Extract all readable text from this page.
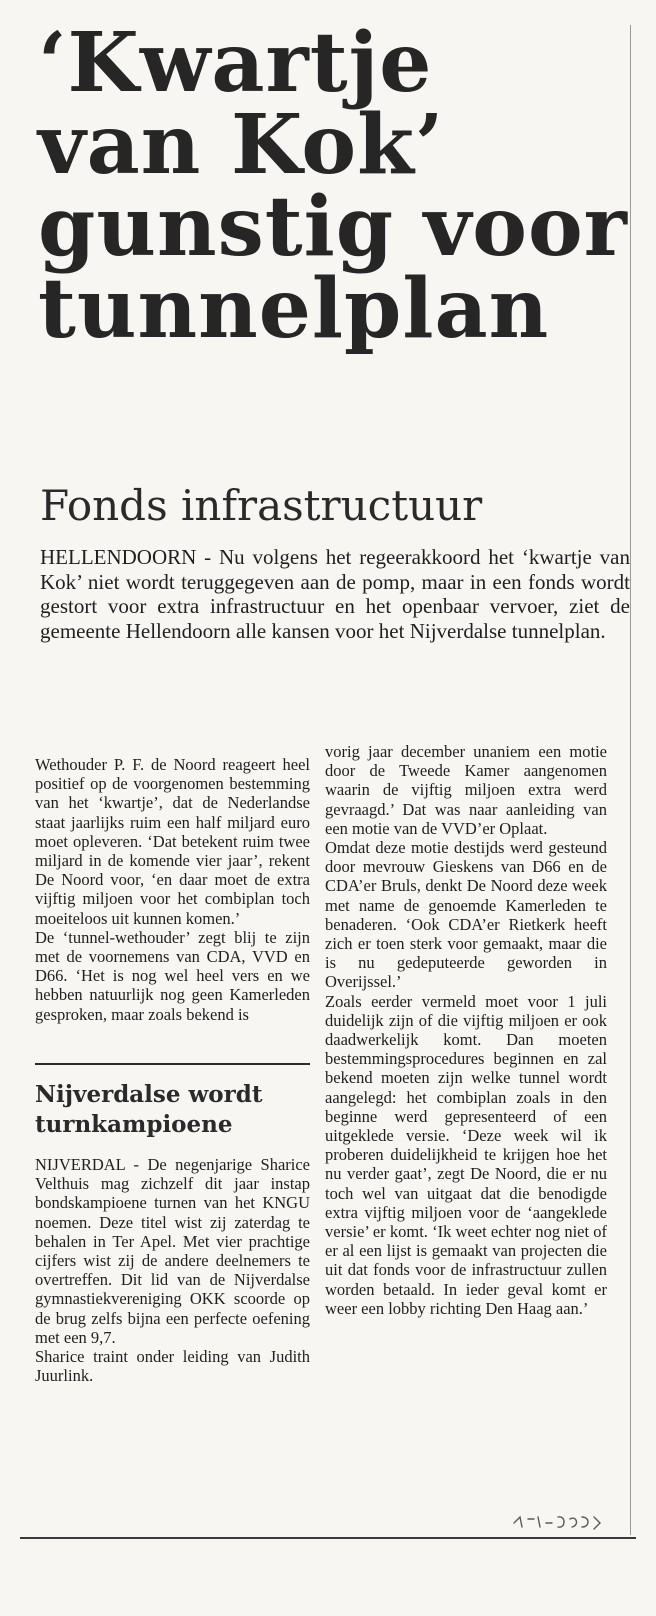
‘Kwartje
van Kok’
gunstig voor
tunnelplan
Fonds infrastructuur
HELLENDOORN - Nu volgens het regeerakkoord het ‘kwartje van Kok’ niet wordt teruggegeven aan de pomp, maar in een fonds wordt gestort voor extra infrastructuur en het openbaar vervoer, ziet de gemeente Hellendoorn alle kansen voor het Nijverdalse tunnelplan.

Wethouder P. F. de Noord reageert heel positief op de voorgenomen bestemming van het ‘kwartje’, dat de Nederlandse staat jaarlijks ruim een half miljard euro moet opleveren. ‘Dat betekent ruim twee miljard in de komende vier jaar’, rekent De Noord voor, ‘en daar moet de extra vijftig miljoen voor het combiplan toch moeiteloos uit kunnen komen.’

De ‘tunnel-wethouder’ zegt blij te zijn met de voornemens van CDA, VVD en D66. ‘Het is nog wel heel vers en we hebben natuurlijk nog geen Kamerleden gesproken, maar zoals bekend is

Nijverdalse wordt turnkampioene

NIJVERDAL - De negenjarige Sharice Velthuis mag zichzelf dit jaar instap bondskampioene turnen van het KNGU noemen. Deze titel wist zij zaterdag te behalen in Ter Apel. Met vier prachtige cijfers wist zij de andere deelnemers te overtreffen. Dit lid van de Nijverdalse gymnastiekvereniging OKK scoorde op de brug zelfs bijna een perfecte oefening met een 9,7.

Sharice traint onder leiding van Judith Juurlink.

vorig jaar december unaniem een motie door de Tweede Kamer aangenomen waarin de vijftig miljoen extra werd gevraagd.’ Dat was naar aanleiding van een motie van de VVD’er Oplaat.

Omdat deze motie destijds werd gesteund door mevrouw Gieskens van D66 en de CDA’er Bruls, denkt De Noord deze week met name de genoemde Kamerleden te benaderen. ‘Ook CDA’er Rietkerk heeft zich er toen sterk voor gemaakt, maar die is nu gedeputeerde geworden in Overijssel.’

Zoals eerder vermeld moet voor 1 juli duidelijk zijn of die vijftig miljoen er ook daadwerkelijk komt. Dan moeten bestemmingsprocedures beginnen en zal bekend moeten zijn welke tunnel wordt aangelegd: het combiplan zoals in den beginne werd gepresenteerd of een uitgeklede versie. ‘Deze week wil ik proberen duidelijkheid te krijgen hoe het nu verder gaat’, zegt De Noord, die er nu toch wel van uitgaat dat die benodigde extra vijftig miljoen voor de ‘aangeklede versie’ er komt. ‘Ik weet echter nog niet of er al een lijst is gemaakt van projecten die uit dat fonds voor de infrastructuur zullen worden betaald. In ieder geval komt er weer een lobby richting Den Haag aan.’
